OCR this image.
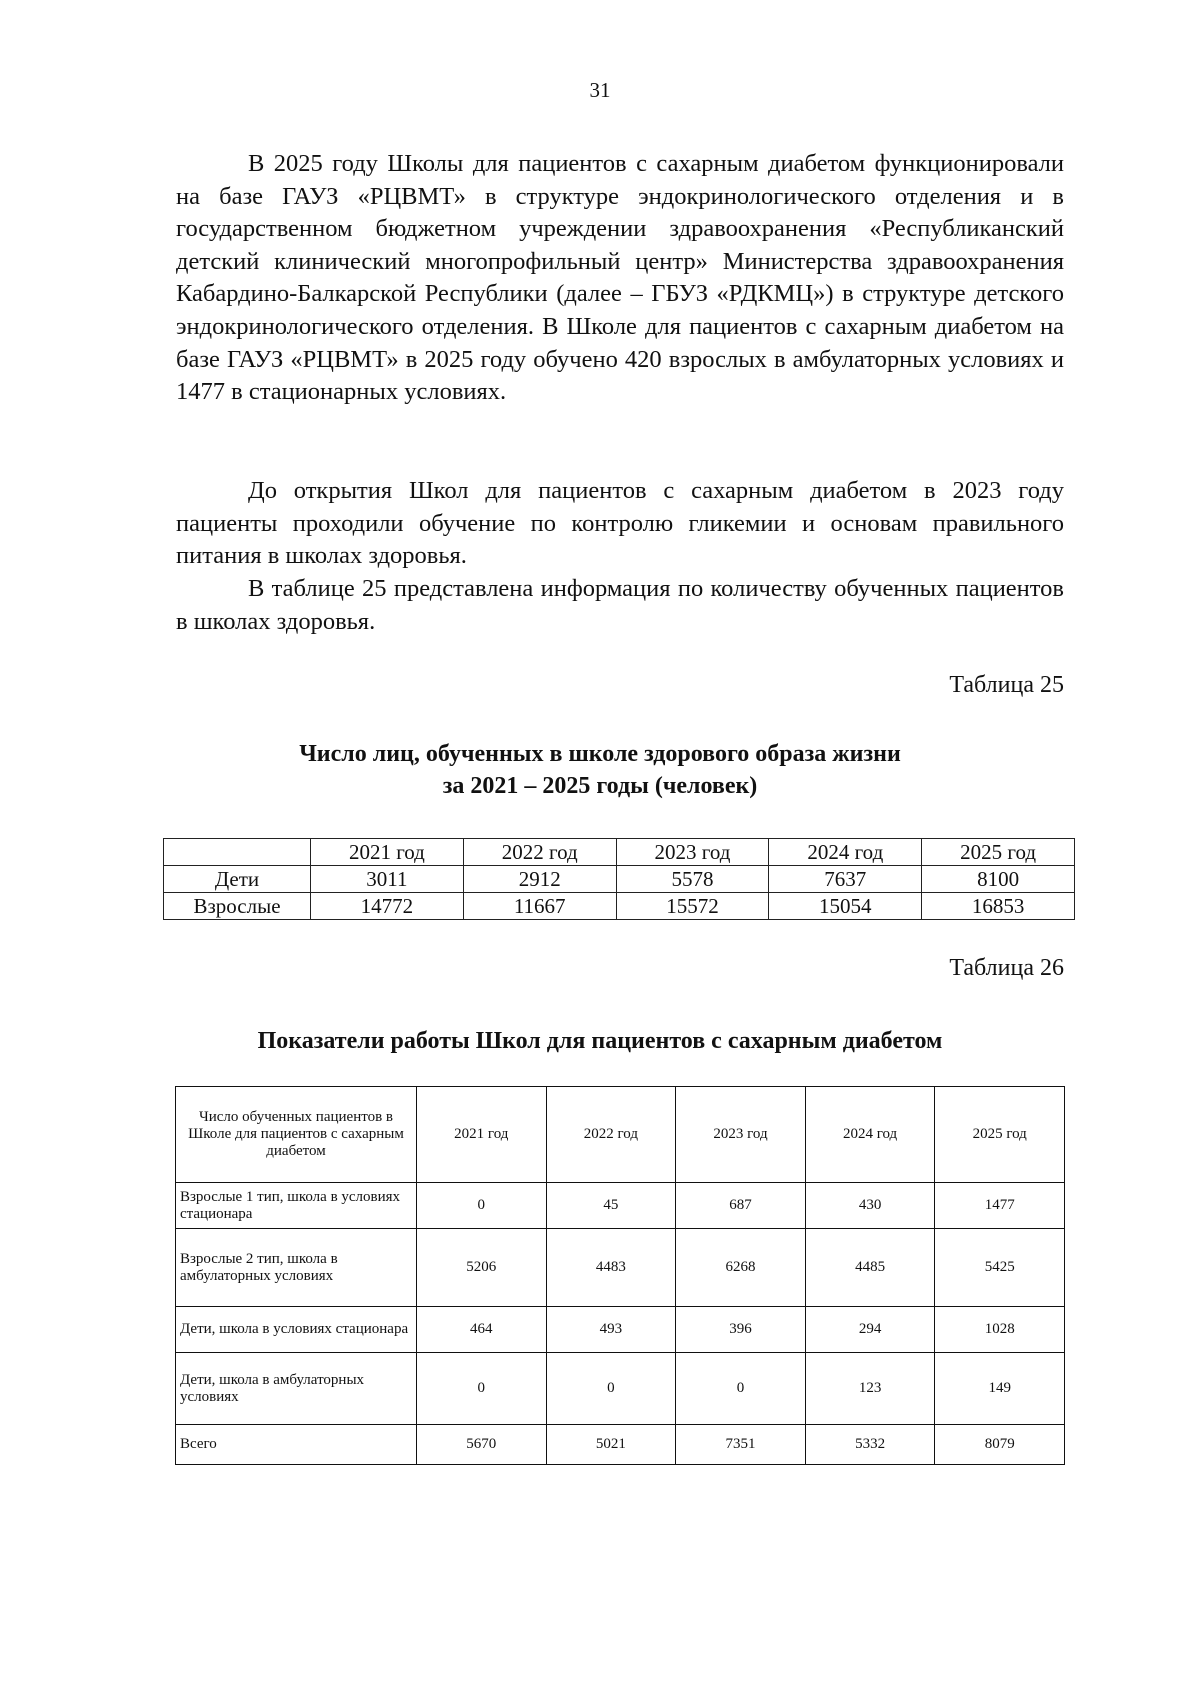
31

В 2025 году Школы для пациентов с сахарным диабетом функционировали на базе ГАУЗ «РЦВМТ» в структуре эндокринологического отделения и в государственном бюджетном учреждении здравоохранения «Республиканский детский клинический многопрофильный центр» Министерства здравоохранения Кабардино-Балкарской Республики (далее – ГБУЗ «РДКМЦ») в структуре детского эндокринологического отделения. В Школе для пациентов с сахарным диабетом на базе ГАУЗ «РЦВМТ» в 2025 году обучено 420 взрослых в амбулаторных условиях и 1477 в стационарных условиях.

До открытия Школ для пациентов с сахарным диабетом в 2023 году пациенты проходили обучение по контролю гликемии и основам правильного питания в школах здоровья.

В таблице 25 представлена информация по количеству обученных пациентов в школах здоровья.

Таблица 25
Число лиц, обученных в школе здорового образа жизни
за 2021 – 2025 годы (человек)
	2021 год	2022 год	2023 год	2024 год	2025 год
Дети	3011	2912	5578	7637	8100
Взрослые	14772	11667	15572	15054	16853
Таблица 26
Показатели работы Школ для пациентов с сахарным диабетом
Число обученных пациентов в Школе для пациентов с сахарным диабетом	2021 год	2022 год	2023 год	2024 год	2025 год
Взрослые 1 тип, школа в условиях стационара	0	45	687	430	1477
Взрослые 2 тип, школа в амбулаторных условиях	5206	4483	6268	4485	5425
Дети, школа в условиях стационара	464	493	396	294	1028
Дети, школа в амбулаторных условиях	0	0	0	123	149
Всего	5670	5021	7351	5332	8079
